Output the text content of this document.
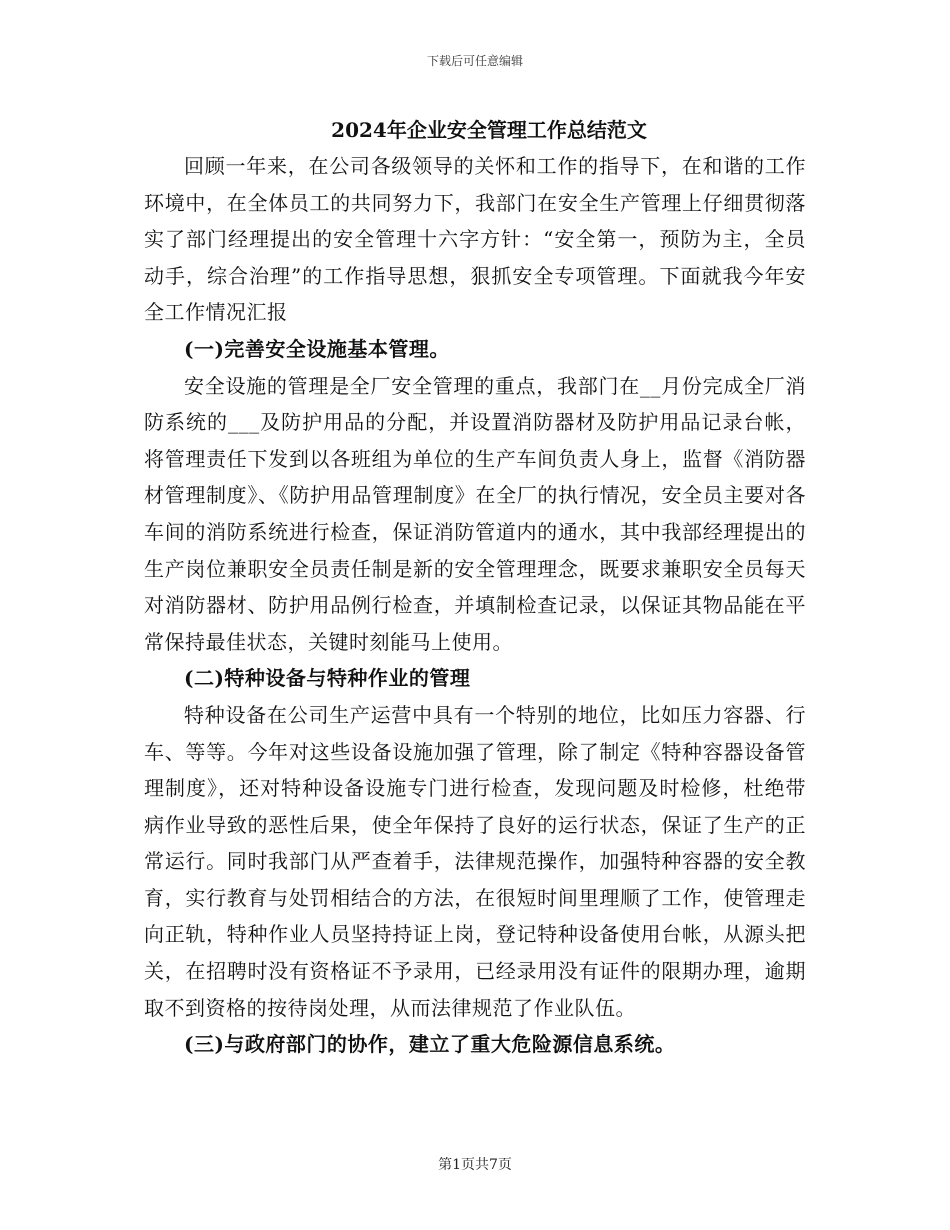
下载后可任意编辑
2024年企业安全管理工作总结范文

回顾一年来，在公司各级领导的关怀和工作的指导下，在和谐的工作环境中，在全体员工的共同努力下，我部门在安全生产管理上仔细贯彻落实了部门经理提出的安全管理十六字方针：“安全第一，预防为主，全员动手，综合治理”的工作指导思想，狠抓安全专项管理。下面就我今年安全工作情况汇报

(一)完善安全设施基本管理。

安全设施的管理是全厂安全管理的重点，我部门在__月份完成全厂消防系统的___及防护用品的分配，并设置消防器材及防护用品记录台帐，将管理责任下发到以各班组为单位的生产车间负责人身上，监督《消防器材管理制度》、《防护用品管理制度》在全厂的执行情况，安全员主要对各车间的消防系统进行检查，保证消防管道内的通水，其中我部经理提出的生产岗位兼职安全员责任制是新的安全管理理念，既要求兼职安全员每天对消防器材、防护用品例行检查，并填制检查记录，以保证其物品能在平常保持最佳状态，关键时刻能马上使用。

(二)特种设备与特种作业的管理

特种设备在公司生产运营中具有一个特别的地位，比如压力容器、行车、等等。今年对这些设备设施加强了管理，除了制定《特种容器设备管理制度》，还对特种设备设施专门进行检查，发现问题及时检修，杜绝带病作业导致的恶性后果，使全年保持了良好的运行状态，保证了生产的正常运行。同时我部门从严查着手，法律规范操作，加强特种容器的安全教育，实行教育与处罚相结合的方法，在很短时间里理顺了工作，使管理走向正轨，特种作业人员坚持持证上岗，登记特种设备使用台帐，从源头把关，在招聘时没有资格证不予录用，已经录用没有证件的限期办理，逾期取不到资格的按待岗处理，从而法律规范了作业队伍。

(三)与政府部门的协作，建立了重大危险源信息系统。

第1页共7页
